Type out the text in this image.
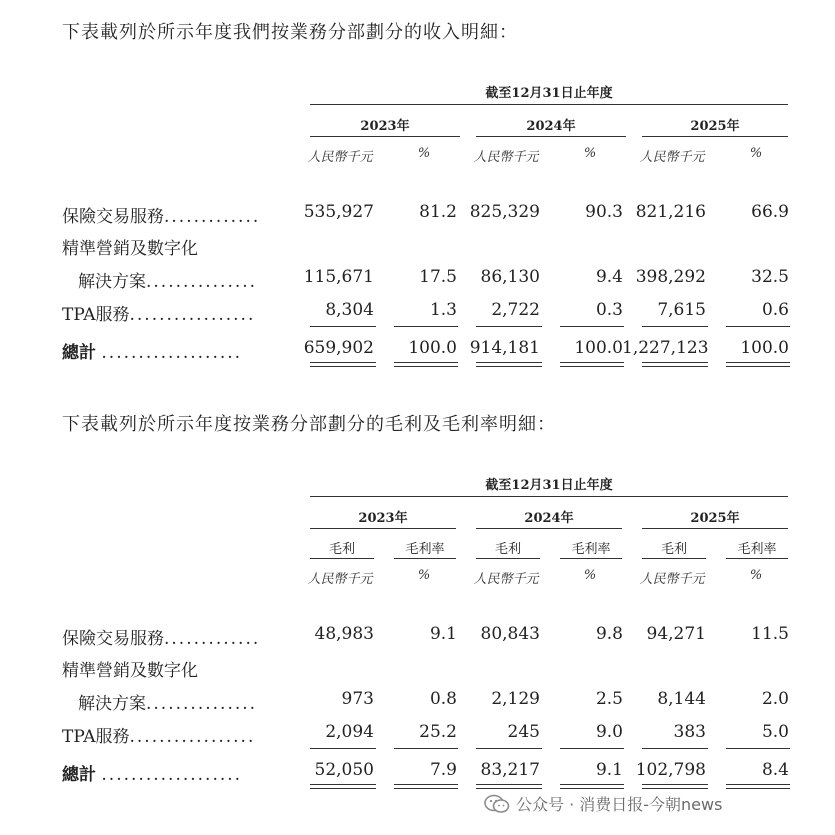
下表載列於所示年度我們按業務分部劃分的收入明細：
截至12月31日止年度
2023年	2024年	2025年
人民幣千元	%	人民幣千元	%	人民幣千元	%
保險交易服務.............	535,927	81.2 825,329	90.3 821,216	66.9
精準營銷及數字化
解決方案...............	115,671	17.5	86,130	9.4 398,292	32.5
TPA服務.................	8,304	1.3	2,722	0.3	7,615	0.6
總計 ...................	659,902	100.0 914,181	100.0 1,227,123	100.0
下表載列於所示年度按業務分部劃分的毛利及毛利率明細：
截至12月31日止年度
2023年	2024年	2025年
毛利	毛利率	毛利	毛利率	毛利	毛利率
人民幣千元	%	人民幣千元	%	人民幣千元	%
保險交易服務.............	48,983	9.1	80,843	9.8	94,271	11.5
精準營銷及數字化
解決方案...............	973	0.8	2,129	2.5	8,144	2.0
TPA服務.................	2,094	25.2	245	9.0	383	5.0
總計 ...................	52,050	7.9	83,217	9.1 102,798	8.4
公众号 · 消费日报-今朝news
